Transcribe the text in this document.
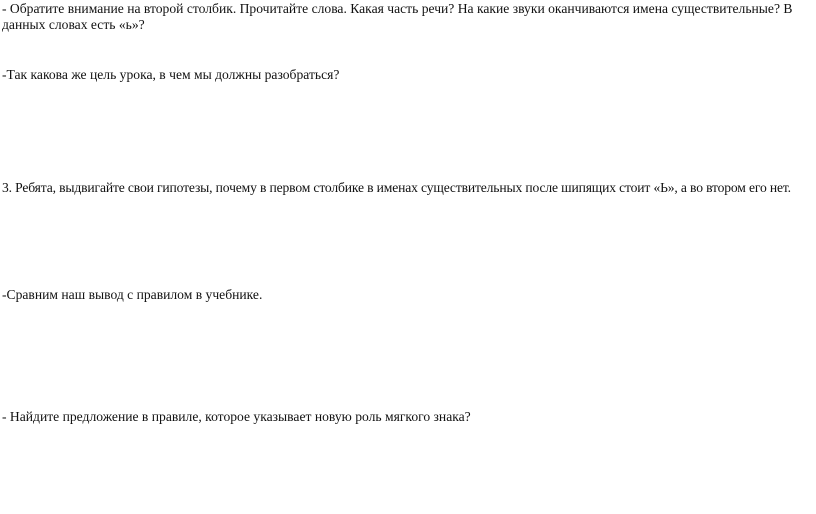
- Обратите внимание на второй столбик. Прочитайте слова. Какая часть речи? На какие звуки оканчиваются имена существительные? В данных словах есть «ь»?

-Так какова же цель урока, в чем мы должны разобраться?

3. Ребята, выдвигайте свои гипотезы, почему в первом столбике в именах существительных после шипящих стоит «Ь», а во втором его нет.

-Сравним наш вывод с правилом в учебнике.

- Найдите предложение в правиле, которое указывает новую роль мягкого знака?
